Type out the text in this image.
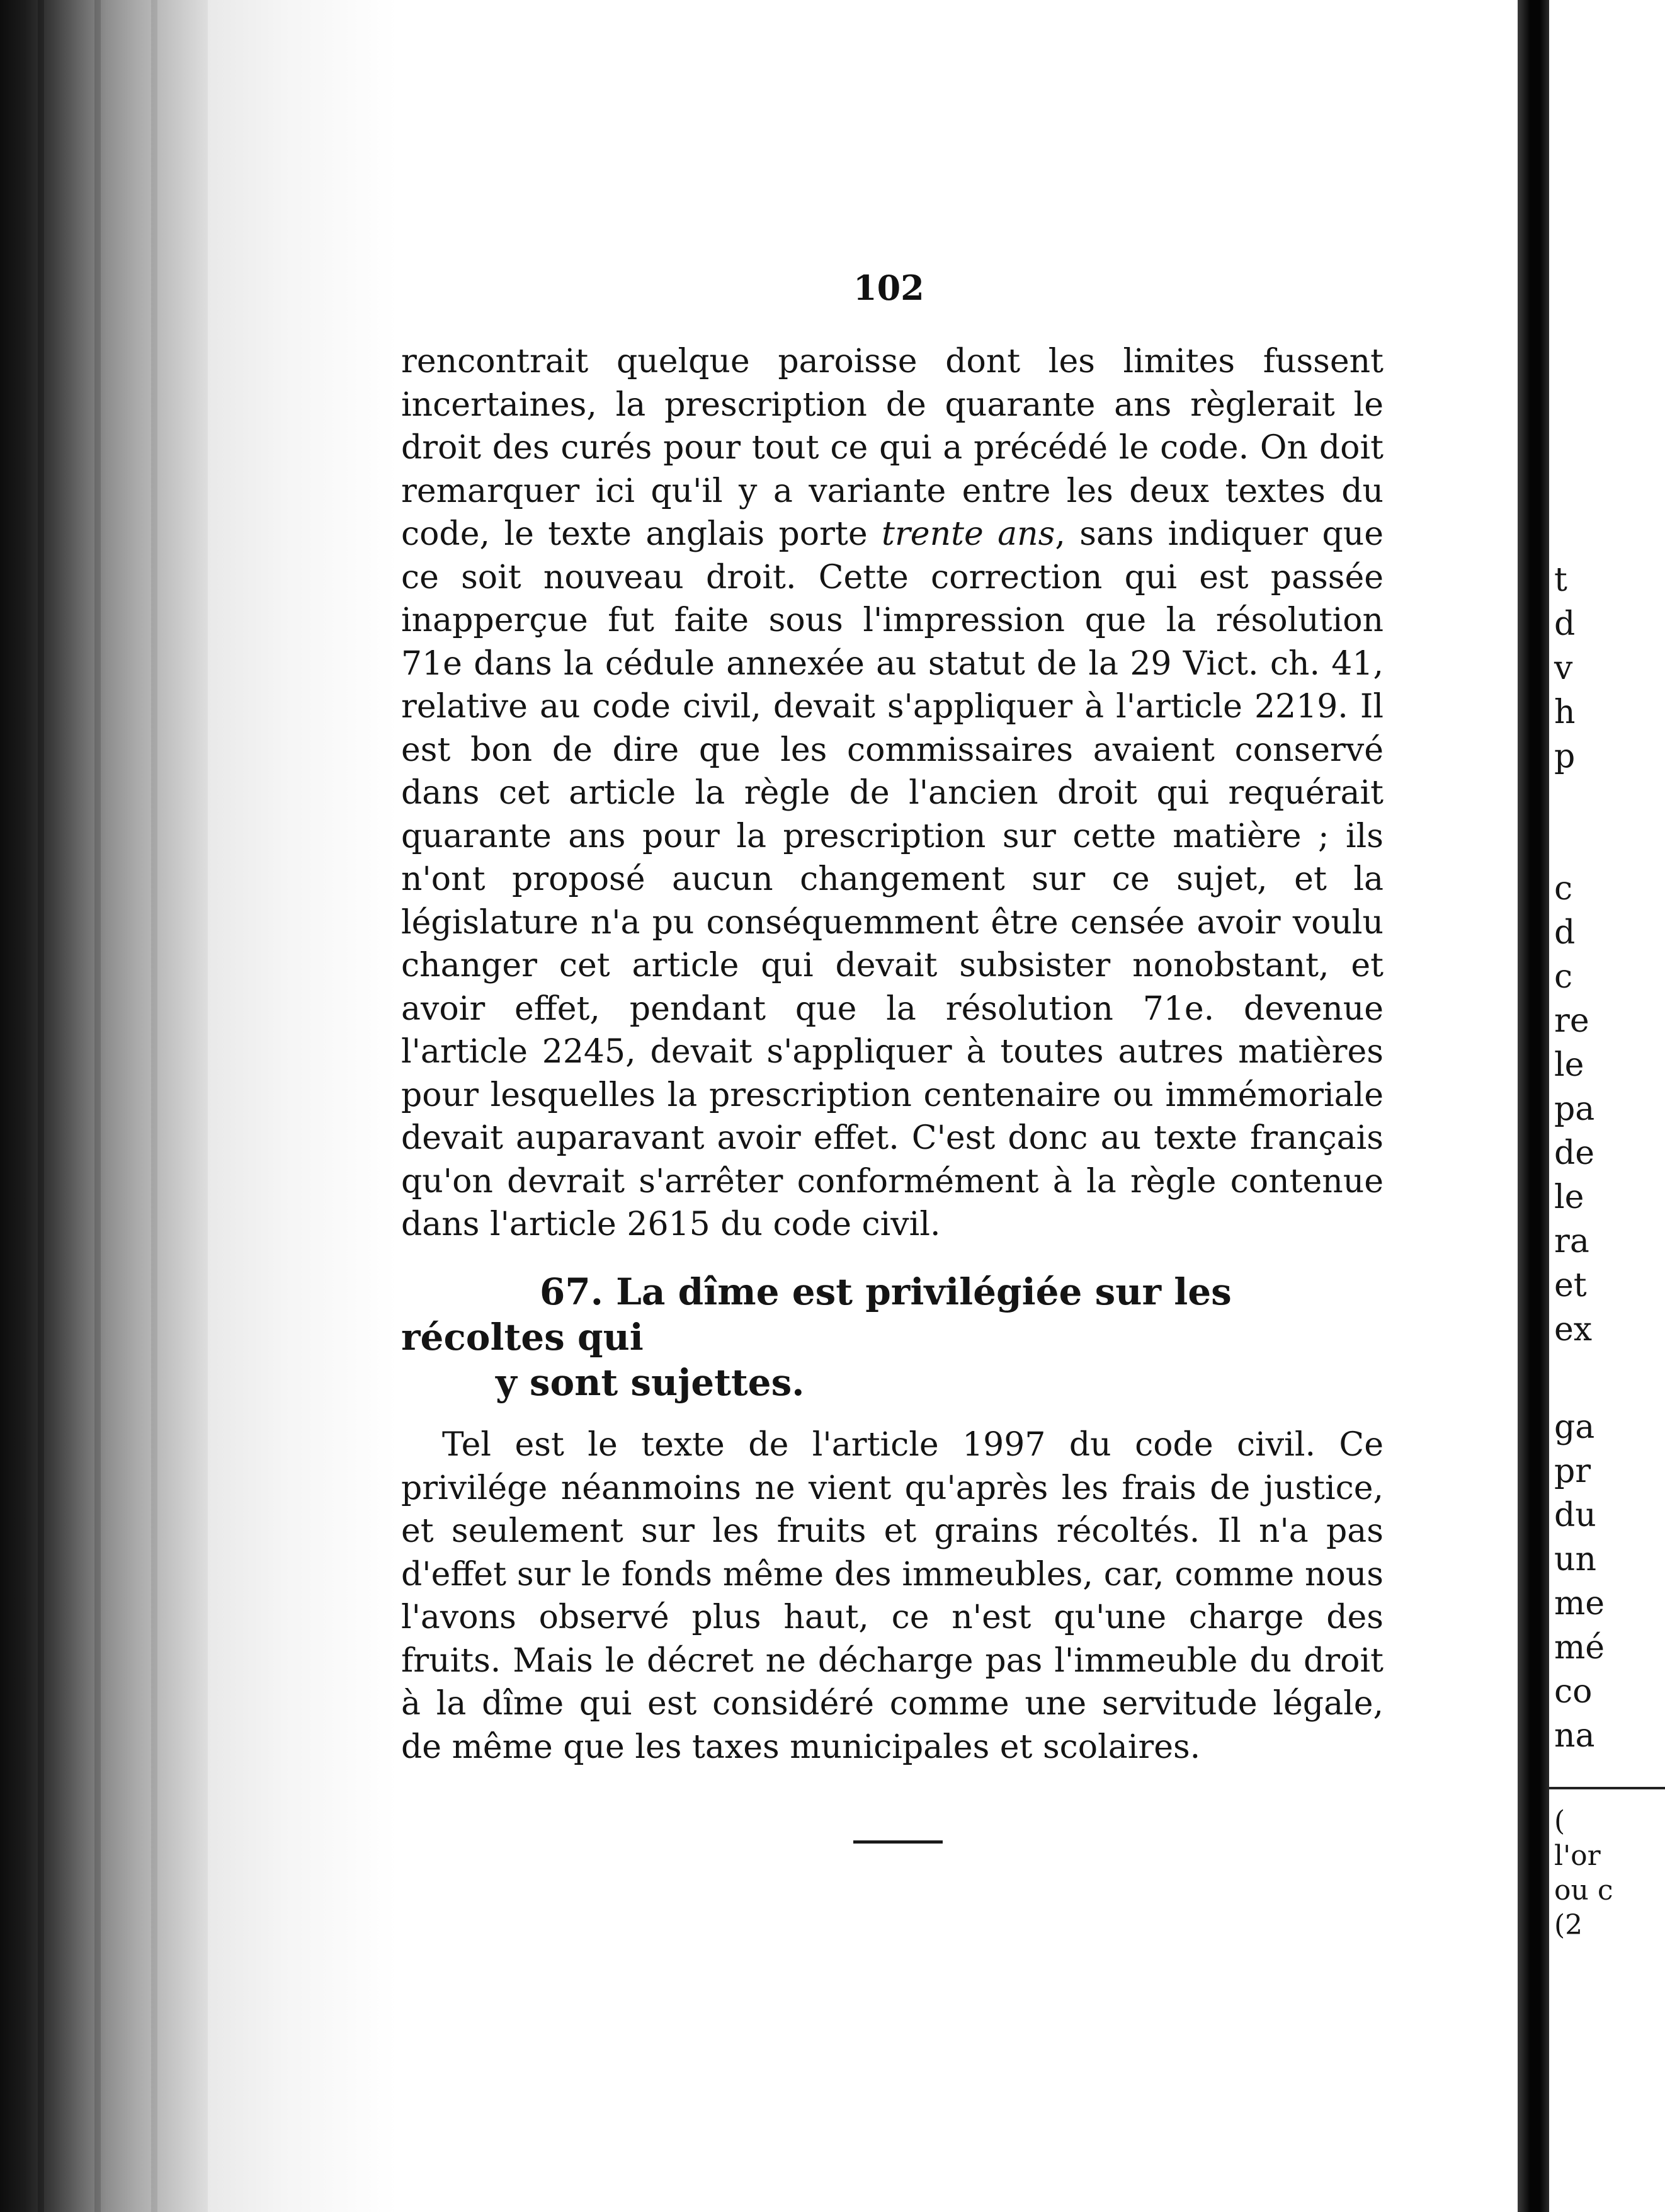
102
rencontrait quelque paroisse dont les limites fussent incertaines, la prescription de quarante ans règlerait le droit des curés pour tout ce qui a précédé le code. On doit remarquer ici qu'il y a variante entre les deux textes du code, le texte anglais porte trente ans, sans indiquer que ce soit nouveau droit. Cette correction qui est passée inapperçue fut faite sous l'impression que la résolution 71e dans la cédule annexée au statut de la 29 Vict. ch. 41, relative au code civil, devait s'appliquer à l'article 2219. Il est bon de dire que les commissaires avaient conservé dans cet article la règle de l'ancien droit qui requérait quarante ans pour la prescription sur cette matière ; ils n'ont proposé aucun changement sur ce sujet, et la législature n'a pu conséquemment être censée avoir voulu changer cet article qui devait subsister nonobstant, et avoir effet, pendant que la résolution 71e. devenue l'article 2245, devait s'appliquer à toutes autres matières pour lesquelles la prescription centenaire ou immémoriale devait auparavant avoir effet. C'est donc au texte français qu'on devrait s'arrêter conformément à la règle contenue dans l'article 2615 du code civil.
67. La dîme est privilégiée sur les récoltes qui
y sont sujettes.
Tel est le texte de l'article 1997 du code civil. Ce privilége néanmoins ne vient qu'après les frais de justice, et seulement sur les fruits et grains récoltés. Il n'a pas d'effet sur le fonds même des immeubles, car, comme nous l'avons observé plus haut, ce n'est qu'une charge des fruits. Mais le décret ne décharge pas l'immeuble du droit à la dîme qui est considéré comme une servitude légale, de même que les taxes municipales et scolaires.
t
d
v
h
p
c
d
c
re
le
pa
de
le
ra
et
ex
ga
pr
du
un
me
mé
co
na
(
l'or
ou c
(2
